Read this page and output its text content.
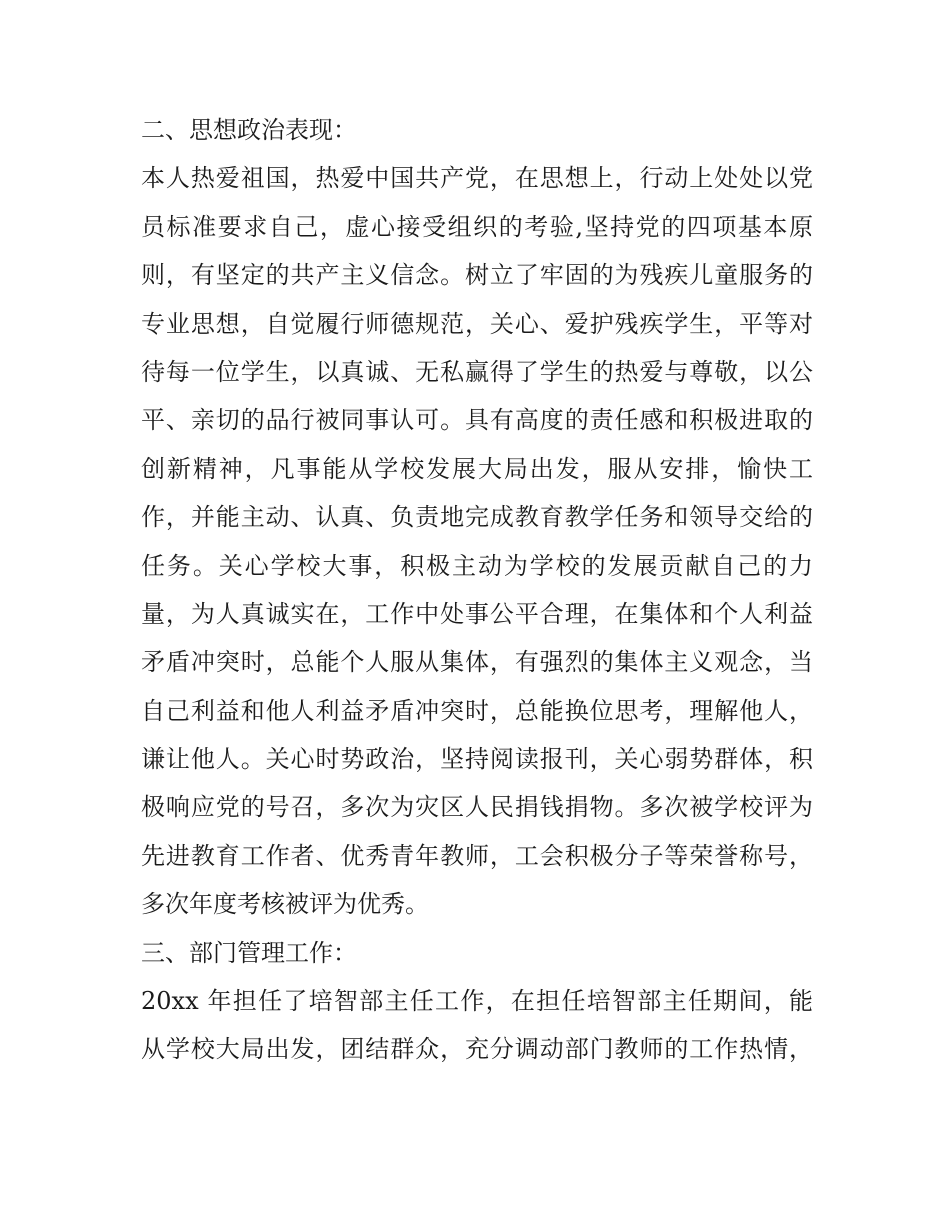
二、思想政治表现：
本人热爱祖国，热爱中国共产党，在思想上，行动上处处以党
员标准要求自己，虚心接受组织的考验,坚持党的四项基本原
则，有坚定的共产主义信念。树立了牢固的为残疾儿童服务的
专业思想，自觉履行师德规范，关心、爱护残疾学生，平等对
待每一位学生，以真诚、无私赢得了学生的热爱与尊敬，以公
平、亲切的品行被同事认可。具有高度的责任感和积极进取的
创新精神，凡事能从学校发展大局出发，服从安排，愉快工
作，并能主动、认真、负责地完成教育教学任务和领导交给的
任务。关心学校大事，积极主动为学校的发展贡献自己的力
量，为人真诚实在，工作中处事公平合理，在集体和个人利益
矛盾冲突时，总能个人服从集体，有强烈的集体主义观念，当
自己利益和他人利益矛盾冲突时，总能换位思考，理解他人，
谦让他人。关心时势政治，坚持阅读报刊，关心弱势群体，积
极响应党的号召，多次为灾区人民捐钱捐物。多次被学校评为
先进教育工作者、优秀青年教师，工会积极分子等荣誉称号，
多次年度考核被评为优秀。
三、部门管理工作：
20xx 年担任了培智部主任工作，在担任培智部主任期间，能
从学校大局出发，团结群众，充分调动部门教师的工作热情，
